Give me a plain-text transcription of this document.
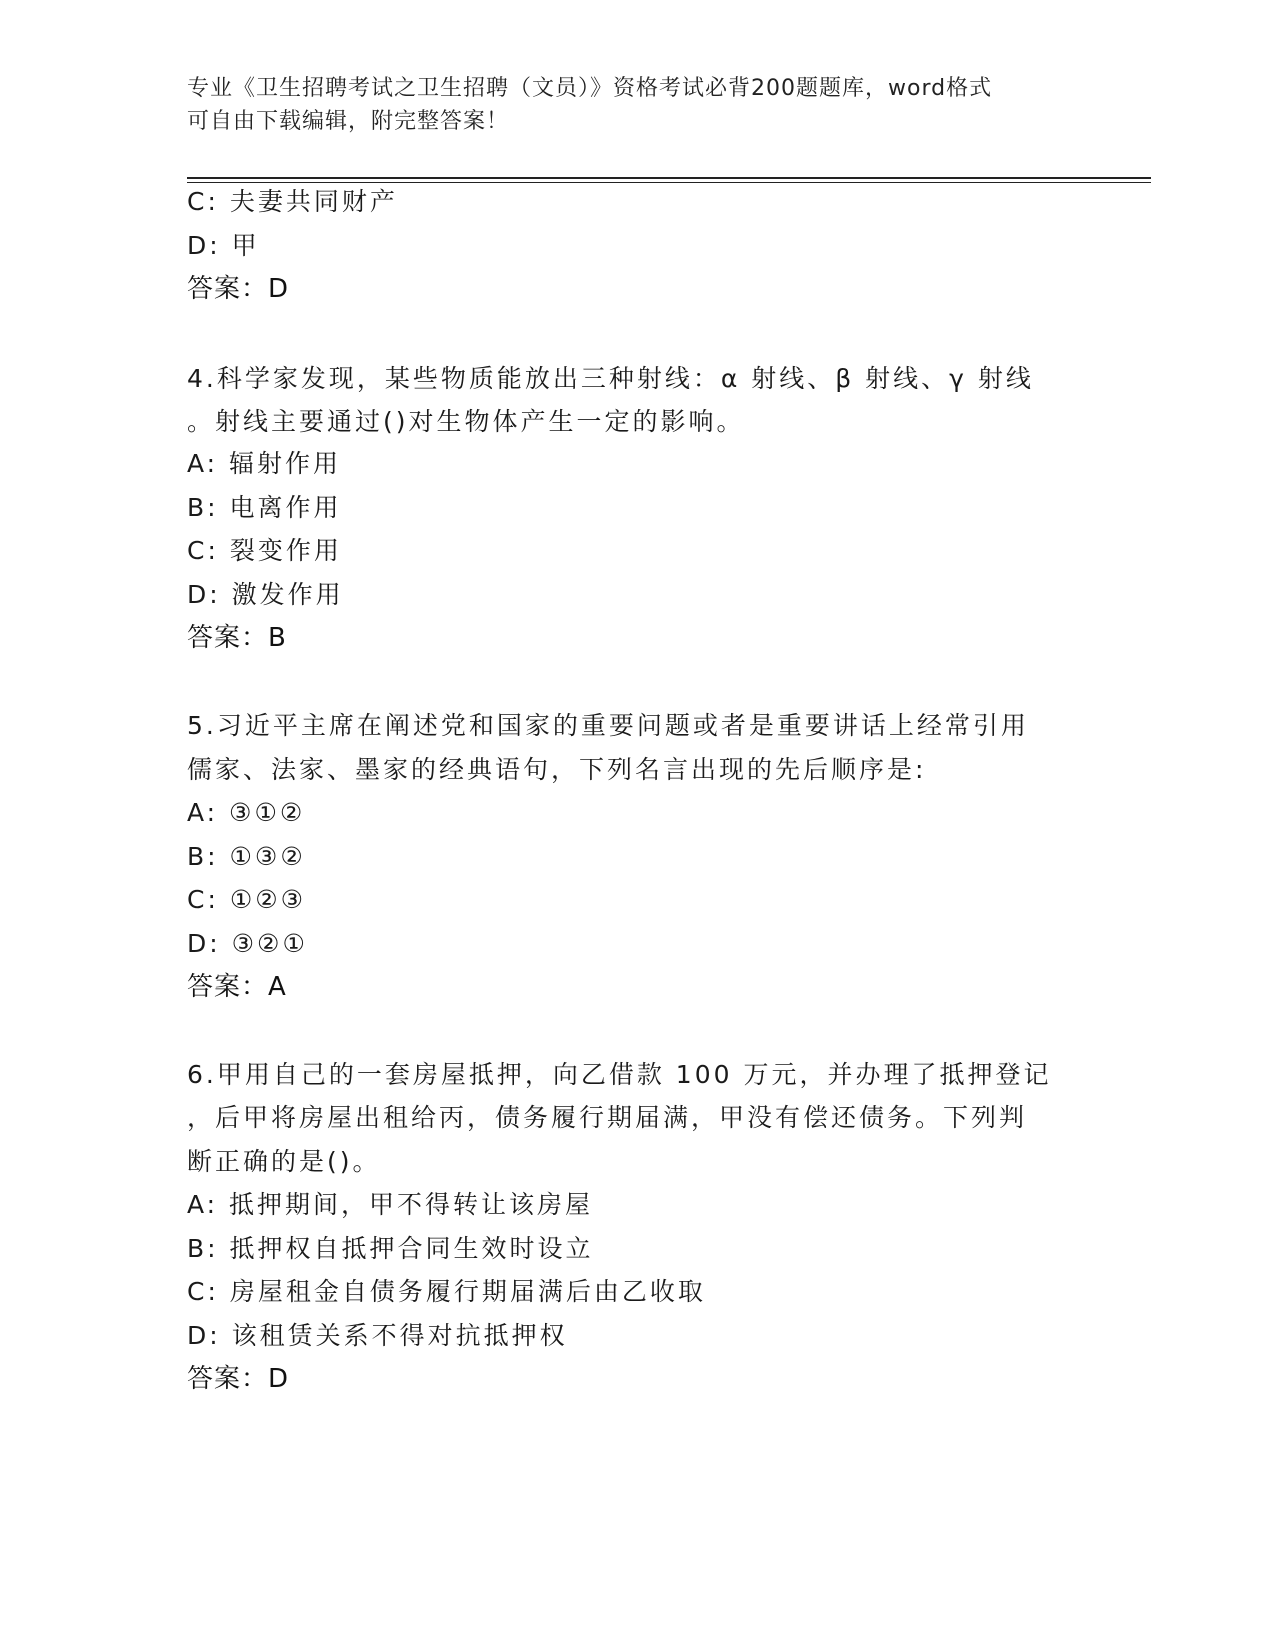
专业《卫生招聘考试之卫生招聘（文员）》资格考试必背200题题库，word格式
可自由下载编辑，附完整答案！
C: 夫妻共同财产
D: 甲
答案：D
4.科学家发现，某些物质能放出三种射线：α 射线、β 射线、γ 射线
。射线主要通过()对生物体产生一定的影响。
A: 辐射作用
B: 电离作用
C: 裂变作用
D: 激发作用
答案：B
5.习近平主席在阐述党和国家的重要问题或者是重要讲话上经常引用
儒家、法家、墨家的经典语句，下列名言出现的先后顺序是:
A: ③①②
B: ①③②
C: ①②③
D: ③②①
答案：A
6.甲用自己的一套房屋抵押，向乙借款 100 万元，并办理了抵押登记
，后甲将房屋出租给丙，债务履行期届满，甲没有偿还债务。下列判
断正确的是()。
A: 抵押期间，甲不得转让该房屋
B: 抵押权自抵押合同生效时设立
C: 房屋租金自债务履行期届满后由乙收取
D: 该租赁关系不得对抗抵押权
答案：D
